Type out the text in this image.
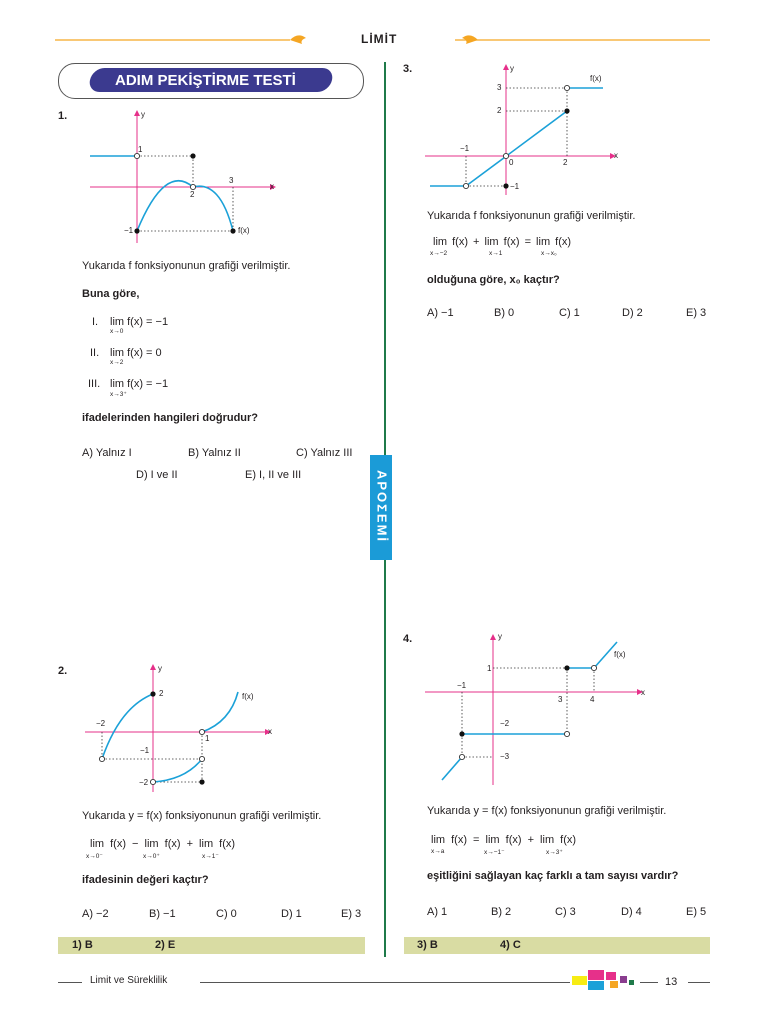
LİMİT
ADIM PEKİŞTİRME TESTİ
APOΣEMİ
1.	y
x
1
3
2
−1	f(x)
Yukarıda f fonksiyonunun grafiği verilmiştir.
Buna göre,
I. lim f(x) = −1
x→0
II. lim f(x) = 0
x→2
III. lim f(x) = −1
x→3⁺
ifadelerinden hangileri doğrudur?
A) Yalnız I	B) Yalnız II	C) Yalnız III
D) I ve II	E) I, II ve III
2.	y
x
2
−2
1
−1
−2
f(x)
Yukarıda y = f(x) fonksiyonunun grafiği verilmiştir.
lim f(x) − lim f(x) + lim f(x)
x→0⁻	x→0⁺	x→1⁻
ifadesinin değeri kaçtır?
A) −2	B) −1	C) 0	D) 1	E) 3
3.	y
x
3
2
−1
0	2
−1
f(x)
Yukarıda f fonksiyonunun grafiği verilmiştir.
lim f(x) + lim f(x) = lim f(x)
x→−2	x→1	x→x₀
olduğuna göre, x₀ kaçtır?
A) −1	B) 0	C) 1	D) 2	E) 3
4.	y
x
1
−1
3	4
−2
−3
f(x)
Yukarıda y = f(x) fonksiyonunun grafiği verilmiştir.
lim f(x) = lim f(x) + lim f(x)
x→a	x→−1⁻	x→3⁺
eşitliğini sağlayan kaç farklı a tam sayısı vardır?
A) 1	B) 2	C) 3	D) 4	E) 5
1) B	2) E	3) B	4) C
Limit ve Süreklilik	13
